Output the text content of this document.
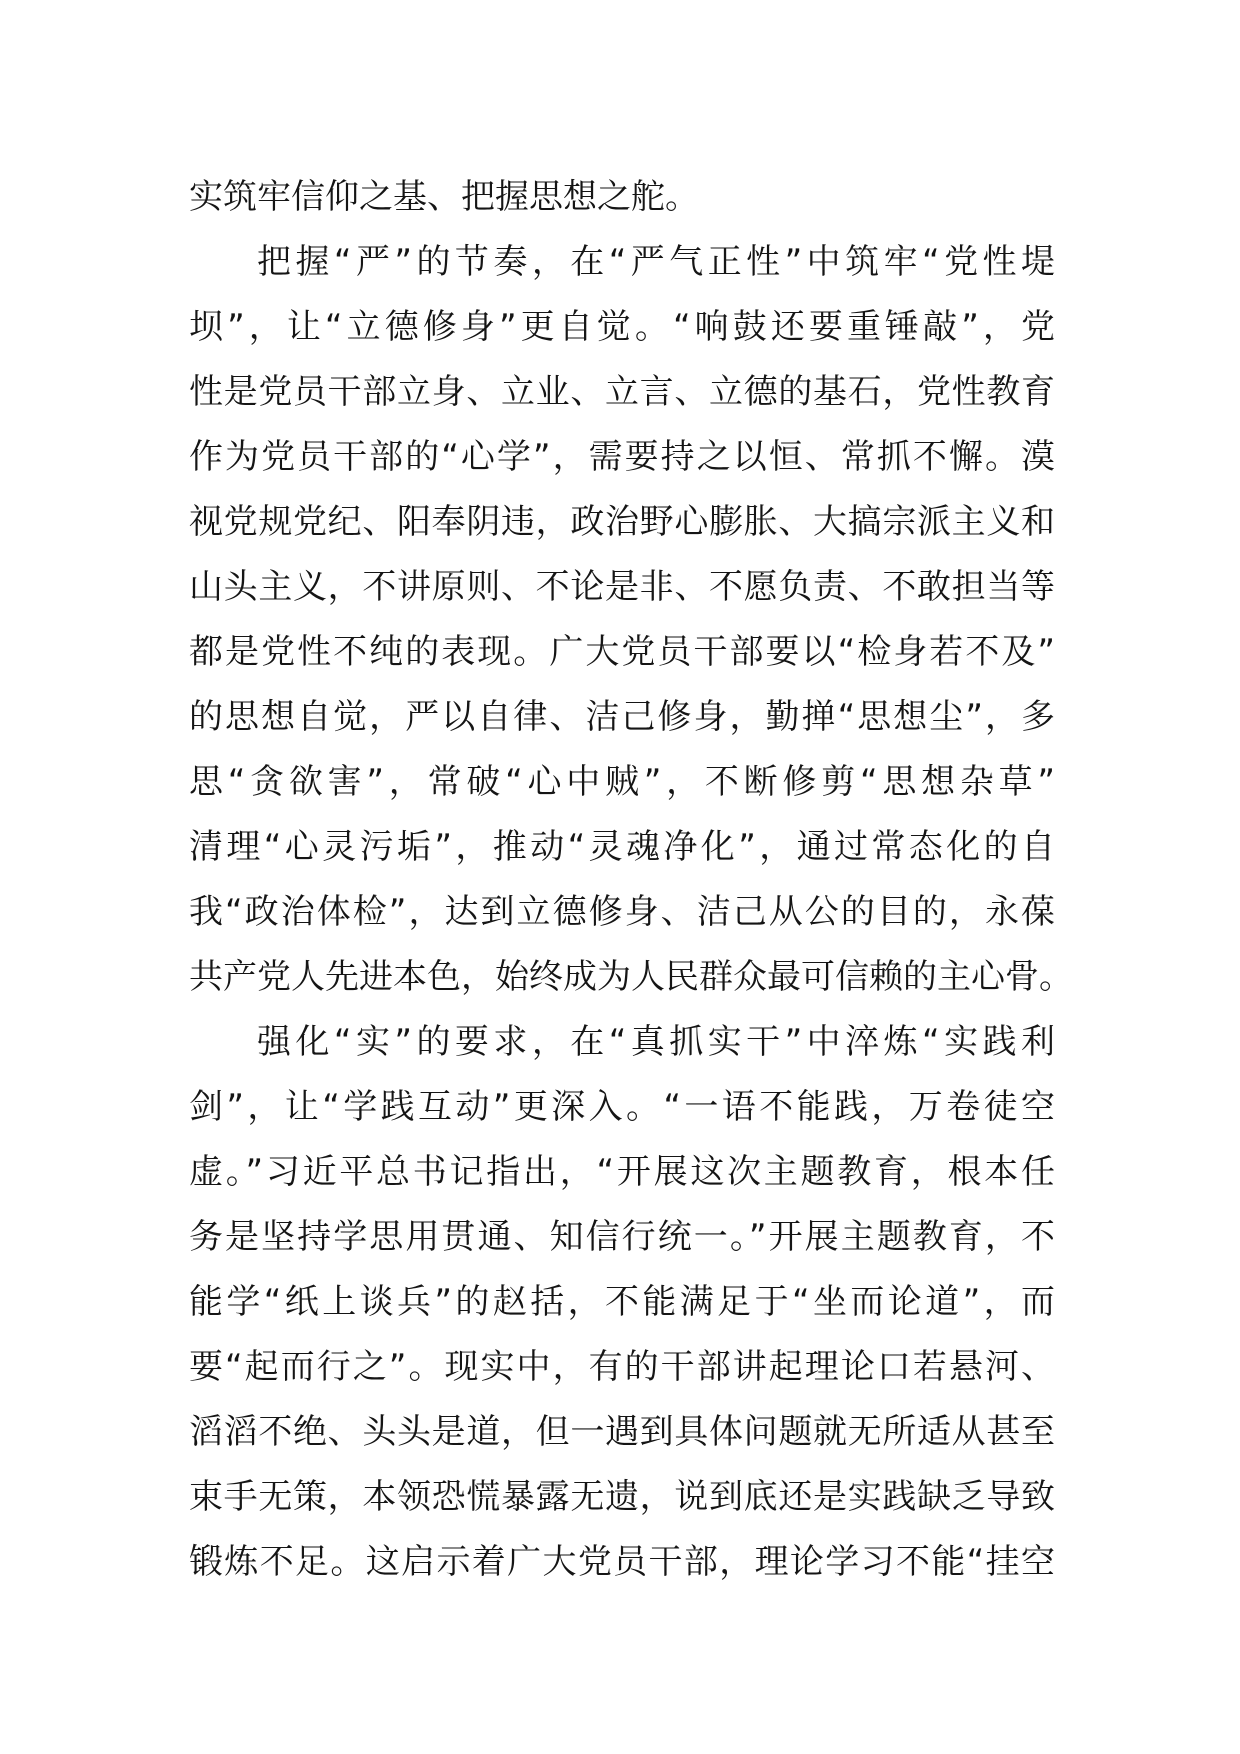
实筑牢信仰之基、把握思想之舵。
把握“严”的节奏，在“严气正性”中筑牢“党性堤
坝”，让“立德修身”更自觉。“响鼓还要重锤敲”，党
性是党员干部立身、立业、立言、立德的基石，党性教育
作为党员干部的“心学”，需要持之以恒、常抓不懈。漠
视党规党纪、阳奉阴违，政治野心膨胀、大搞宗派主义和
山头主义，不讲原则、不论是非、不愿负责、不敢担当等
都是党性不纯的表现。广大党员干部要以“检身若不及”
的思想自觉，严以自律、洁己修身，勤掸“思想尘”，多
思“贪欲害”，常破“心中贼”，不断修剪“思想杂草”
清理“心灵污垢”，推动“灵魂净化”，通过常态化的自
我“政治体检”，达到立德修身、洁己从公的目的，永葆
共产党人先进本色，始终成为人民群众最可信赖的主心骨。
强化“实”的要求，在“真抓实干”中淬炼“实践利
剑”，让“学践互动”更深入。“一语不能践，万卷徒空
虚。”习近平总书记指出，“开展这次主题教育，根本任
务是坚持学思用贯通、知信行统一。”开展主题教育，不
能学“纸上谈兵”的赵括，不能满足于“坐而论道”，而
要“起而行之”。现实中，有的干部讲起理论口若悬河、
滔滔不绝、头头是道，但一遇到具体问题就无所适从甚至
束手无策，本领恐慌暴露无遗，说到底还是实践缺乏导致
锻炼不足。这启示着广大党员干部，理论学习不能“挂空
